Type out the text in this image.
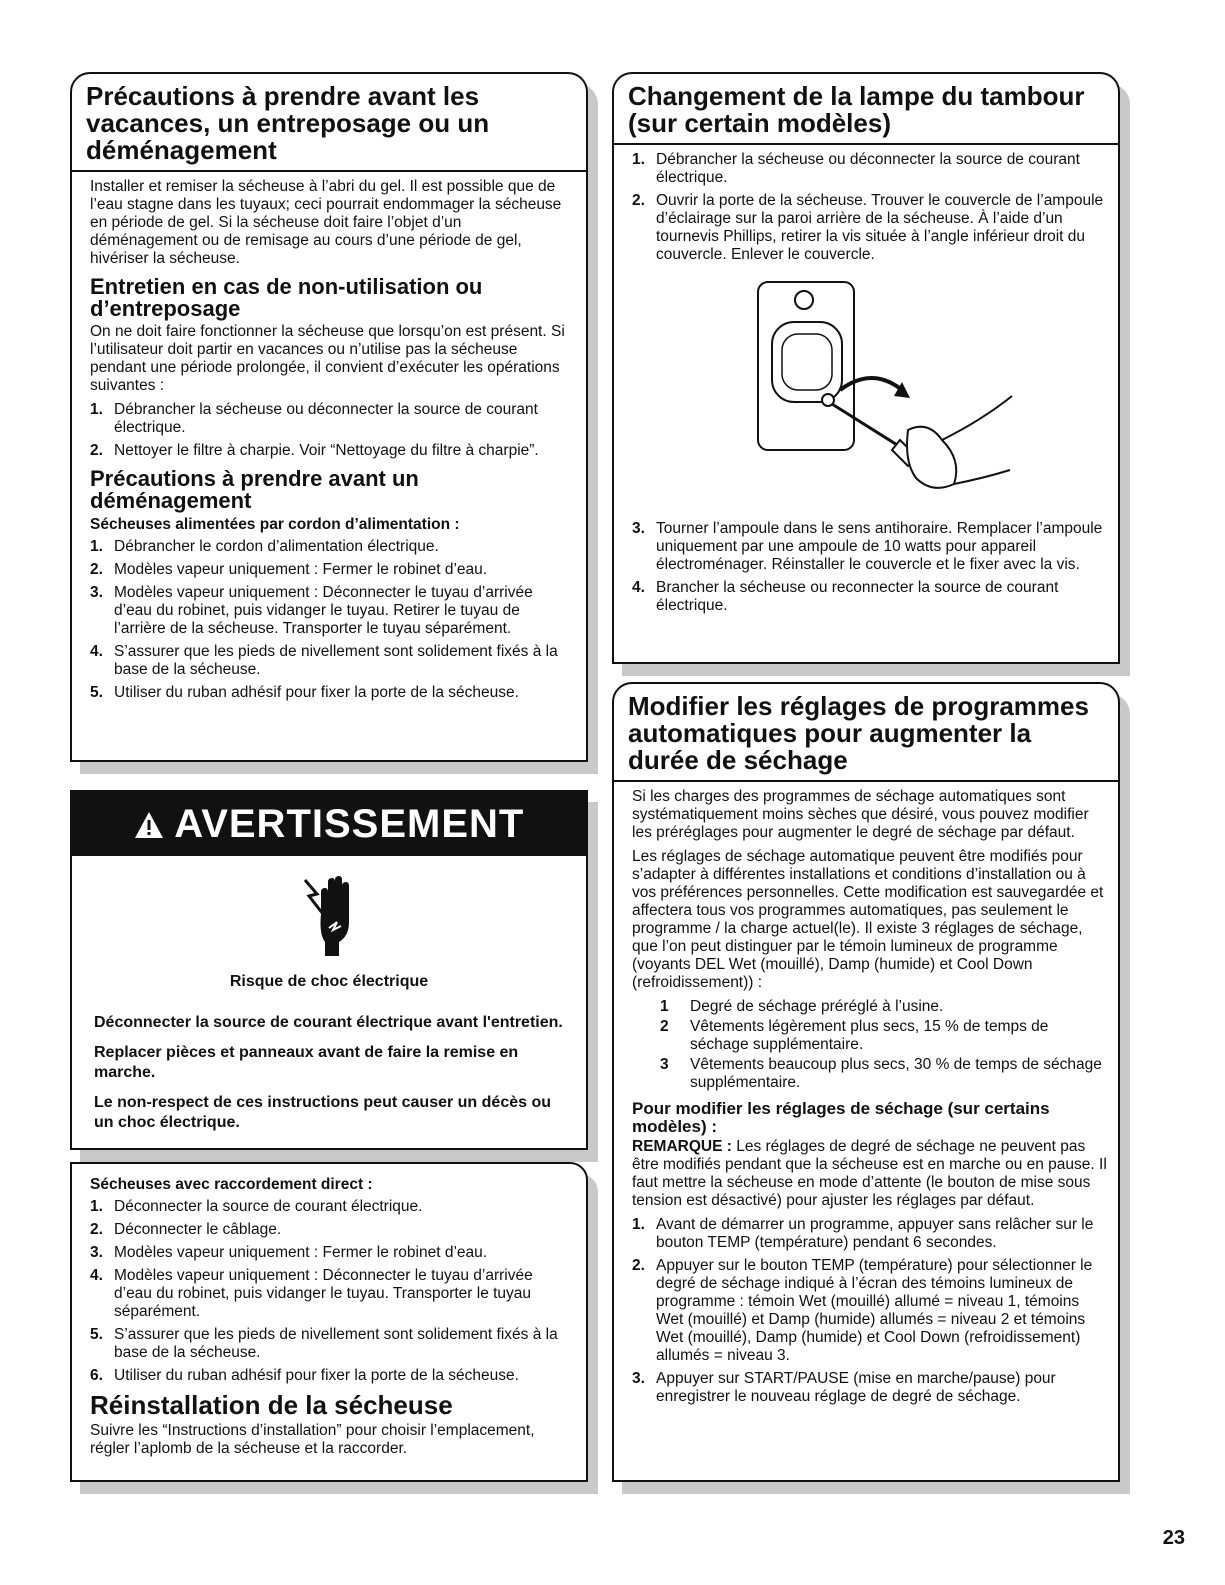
Précautions à prendre avant les vacances, un entreposage ou un déménagement

Installer et remiser la sécheuse à l’abri du gel. Il est possible que de l’eau stagne dans les tuyaux; ceci pourrait endommager la sécheuse en période de gel. Si la sécheuse doit faire l’objet d’un déménagement ou de remisage au cours d’une période de gel, hivériser la sécheuse.

Entretien en cas de non-utilisation ou d’entreposage

On ne doit faire fonctionner la sécheuse que lorsqu’on est présent. Si l’utilisateur doit partir en vacances ou n’utilise pas la sécheuse pendant une période prolongée, il convient d’exécuter les opérations suivantes :

1. Débrancher la sécheuse ou déconnecter la source de courant électrique.
2. Nettoyer le filtre à charpie. Voir “Nettoyage du filtre à charpie”.
Précautions à prendre avant un déménagement
Sécheuses alimentées par cordon d’alimentation :
1. Débrancher le cordon d’alimentation électrique.
2. Modèles vapeur uniquement : Fermer le robinet d’eau.
3. Modèles vapeur uniquement : Déconnecter le tuyau d’arrivée d’eau du robinet, puis vidanger le tuyau. Retirer le tuyau de l’arrière de la sécheuse. Transporter le tuyau séparément.
4. S’assurer que les pieds de nivellement sont solidement fixés à la base de la sécheuse.
5. Utiliser du ruban adhésif pour fixer la porte de la sécheuse.
AVERTISSEMENT
Risque de choc électrique

Déconnecter la source de courant électrique avant l'entretien.

Replacer pièces et panneaux avant de faire la remise en marche.

Le non-respect de ces instructions peut causer un décès ou un choc électrique.

Sécheuses avec raccordement direct :
1. Déconnecter la source de courant électrique.
2. Déconnecter le câblage.
3. Modèles vapeur uniquement : Fermer le robinet d’eau.
4. Modèles vapeur uniquement : Déconnecter le tuyau d’arrivée d’eau du robinet, puis vidanger le tuyau. Transporter le tuyau séparément.
5. S’assurer que les pieds de nivellement sont solidement fixés à la base de la sécheuse.
6. Utiliser du ruban adhésif pour fixer la porte de la sécheuse.
Réinstallation de la sécheuse

Suivre les “Instructions d’installation” pour choisir l’emplacement, régler l’aplomb de la sécheuse et la raccorder.

Changement de la lampe du tambour (sur certain modèles)
1. Débrancher la sécheuse ou déconnecter la source de courant électrique.
2. Ouvrir la porte de la sécheuse. Trouver le couvercle de l’ampoule d’éclairage sur la paroi arrière de la sécheuse. À l’aide d’un tournevis Phillips, retirer la vis située à l’angle inférieur droit du couvercle. Enlever le couvercle.
3. Tourner l’ampoule dans le sens antihoraire. Remplacer l’ampoule uniquement par une ampoule de 10 watts pour appareil électroménager. Réinstaller le couvercle et le fixer avec la vis.
4. Brancher la sécheuse ou reconnecter la source de courant électrique.
Modifier les réglages de programmes automatiques pour augmenter la durée de séchage

Si les charges des programmes de séchage automatiques sont systématiquement moins sèches que désiré, vous pouvez modifier les préréglages pour augmenter le degré de séchage par défaut.

Les réglages de séchage automatique peuvent être modifiés pour s’adapter à différentes installations et conditions d’installation ou à vos préférences personnelles. Cette modification est sauvegardée et affectera tous vos programmes automatiques, pas seulement le programme / la charge actuel(le). Il existe 3 réglages de séchage, que l’on peut distinguer par le témoin lumineux de programme (voyants DEL Wet (mouillé), Damp (humide) et Cool Down (refroidissement)) :

1 Degré de séchage préréglé à l’usine.
2 Vêtements légèrement plus secs, 15 % de temps de séchage supplémentaire.
3 Vêtements beaucoup plus secs, 30 % de temps de séchage supplémentaire.
Pour modifier les réglages de séchage (sur certains modèles) :

REMARQUE : Les réglages de degré de séchage ne peuvent pas être modifiés pendant que la sécheuse est en marche ou en pause. Il faut mettre la sécheuse en mode d’attente (le bouton de mise sous tension est désactivé) pour ajuster les réglages par défaut.

1. Avant de démarrer un programme, appuyer sans relâcher sur le bouton TEMP (température) pendant 6 secondes.
2. Appuyer sur le bouton TEMP (température) pour sélectionner le degré de séchage indiqué à l’écran des témoins lumineux de programme : témoin Wet (mouillé) allumé = niveau 1, témoins Wet (mouillé) et Damp (humide) allumés = niveau 2 et témoins Wet (mouillé), Damp (humide) et Cool Down (refroidissement) allumés = niveau 3.
3. Appuyer sur START/PAUSE (mise en marche/pause) pour enregistrer le nouveau réglage de degré de séchage.
23
